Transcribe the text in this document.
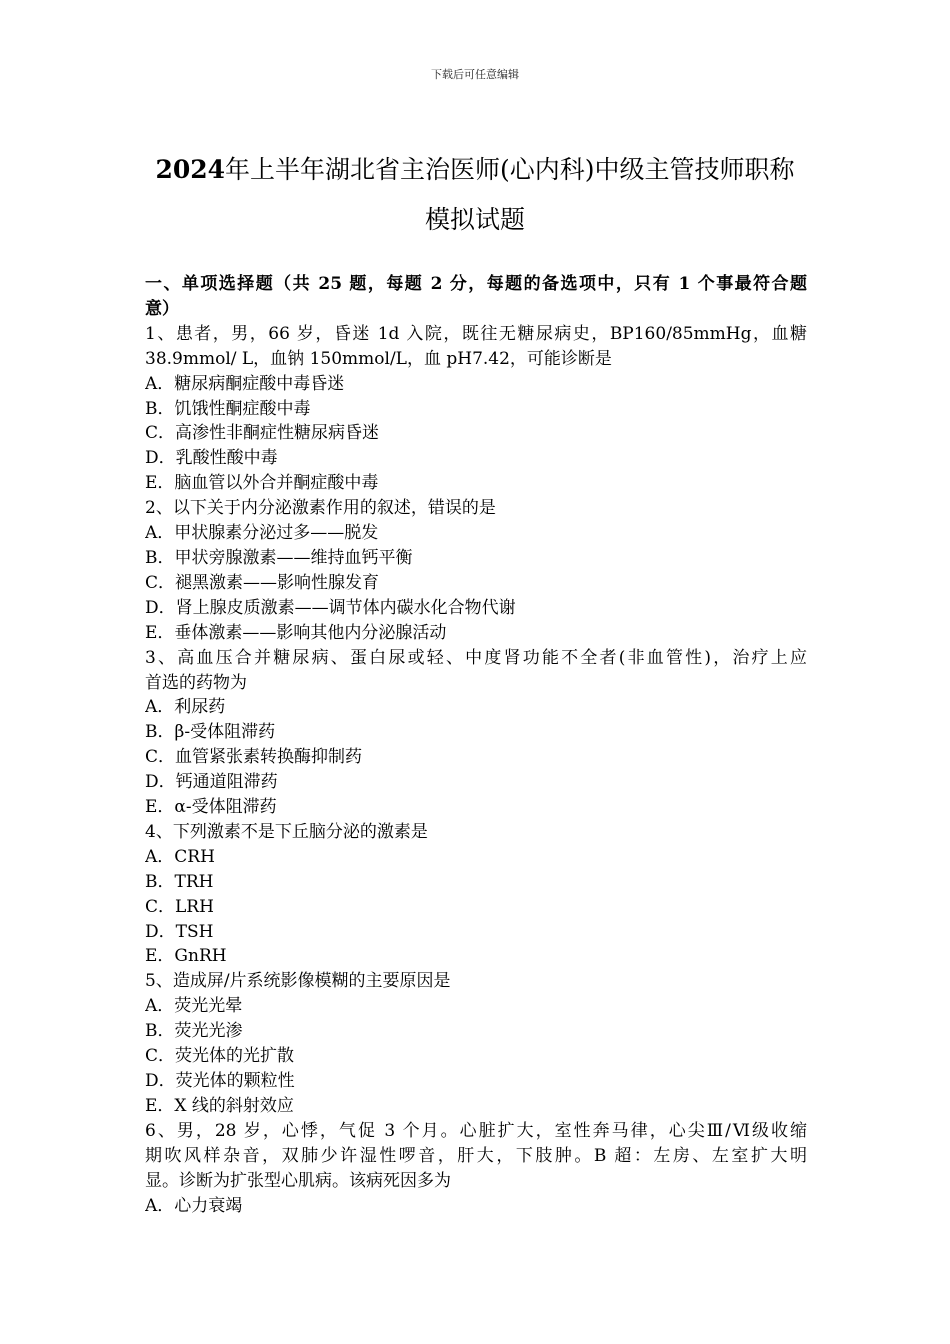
下载后可任意编辑
2024年上半年湖北省主治医师(心内科)中级主管技师职称
模拟试题
一、单项选择题（共 25 题，每题 2 分，每题的备选项中，只有 1 个事最符合题
意）
1、患者，男，66 岁，昏迷 1d 入院，既往无糖尿病史，BP160/85mmHg，血糖
38.9mmol/ L，血钠 150mmol/L，血 pH7.42，可能诊断是
A．糖尿病酮症酸中毒昏迷
B．饥饿性酮症酸中毒
C．高渗性非酮症性糖尿病昏迷
D．乳酸性酸中毒
E．脑血管以外合并酮症酸中毒
2、以下关于内分泌激素作用的叙述，错误的是
A．甲状腺素分泌过多——脱发
B．甲状旁腺激素——维持血钙平衡
C．褪黑激素——影响性腺发育
D．肾上腺皮质激素——调节体内碳水化合物代谢
E．垂体激素——影响其他内分泌腺活动
3、高血压合并糖尿病、蛋白尿或轻、中度肾功能不全者(非血管性)，治疗上应
首选的药物为
A．利尿药
B．β-受体阻滞药
C．血管紧张素转换酶抑制药
D．钙通道阻滞药
E．α-受体阻滞药
4、下列激素不是下丘脑分泌的激素是
A．CRH
B．TRH
C．LRH
D．TSH
E．GnRH
5、造成屏/片系统影像模糊的主要原因是
A．荧光光晕
B．荧光光渗
C．荧光体的光扩散
D．荧光体的颗粒性
E．X 线的斜射效应
6、男，28 岁，心悸，气促 3 个月。心脏扩大，室性奔马律，心尖Ⅲ/Ⅵ级收缩
期吹风样杂音，双肺少许湿性啰音，肝大，下肢肿。B 超：左房、左室扩大明
显。诊断为扩张型心肌病。该病死因多为
A．心力衰竭
